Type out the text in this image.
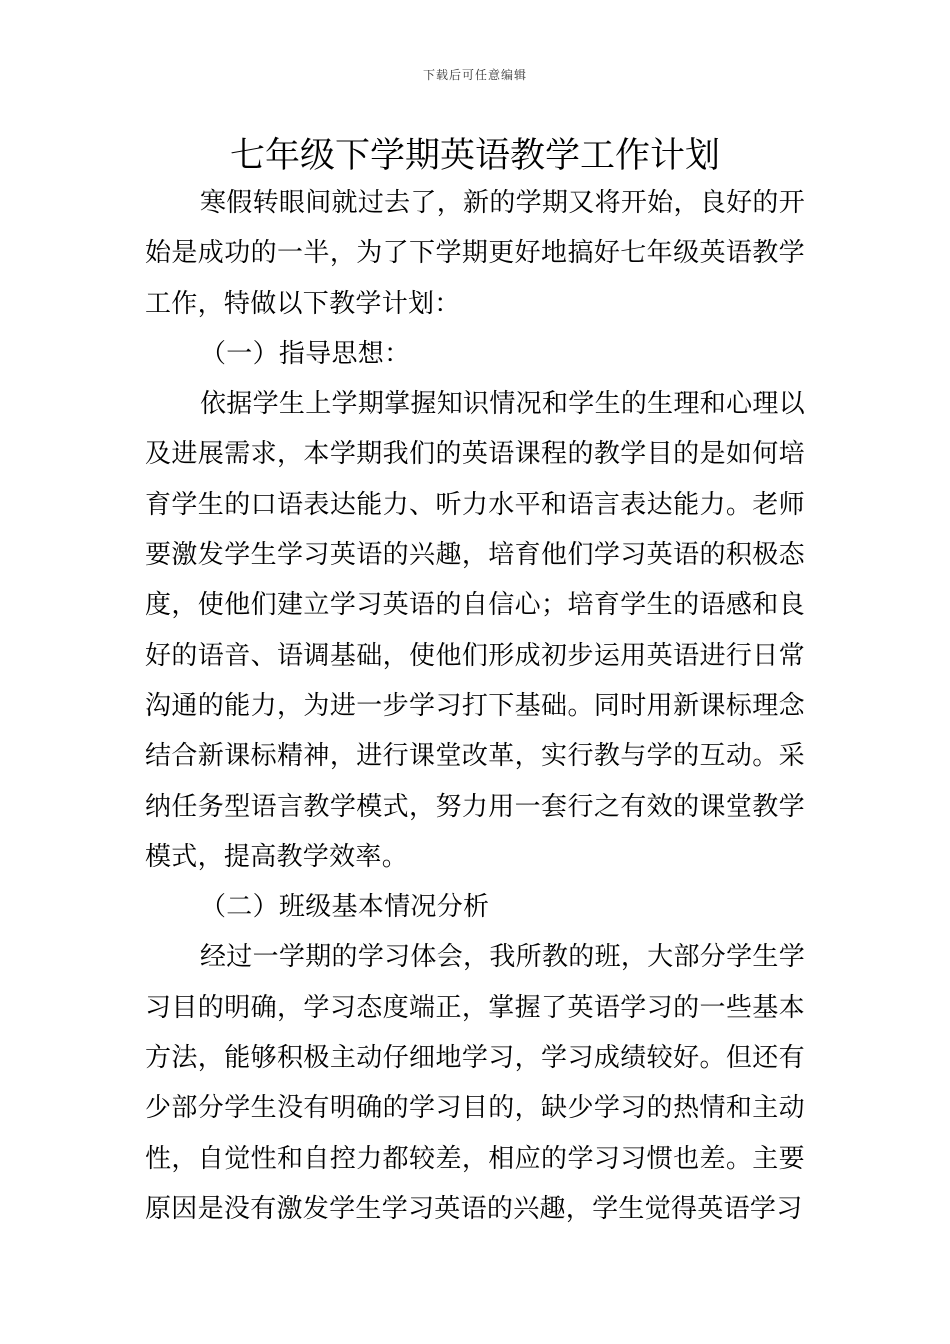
下载后可任意编辑
七年级下学期英语教学工作计划

寒假转眼间就过去了，新的学期又将开始，良好的开始是成功的一半，为了下学期更好地搞好七年级英语教学工作，特做以下教学计划：

（一）指导思想：

依据学生上学期掌握知识情况和学生的生理和心理以及进展需求，本学期我们的英语课程的教学目的是如何培育学生的口语表达能力、听力水平和语言表达能力。老师要激发学生学习英语的兴趣，培育他们学习英语的积极态度，使他们建立学习英语的自信心；培育学生的语感和良好的语音、语调基础，使他们形成初步运用英语进行日常沟通的能力，为进一步学习打下基础。同时用新课标理念结合新课标精神，进行课堂改革，实行教与学的互动。采纳任务型语言教学模式，努力用一套行之有效的课堂教学模式，提高教学效率。

（二）班级基本情况分析

经过一学期的学习体会，我所教的班，大部分学生学习目的明确，学习态度端正，掌握了英语学习的一些基本方法，能够积极主动仔细地学习，学习成绩较好。但还有少部分学生没有明确的学习目的，缺少学习的热情和主动性，自觉性和自控力都较差，相应的学习习惯也差。主要原因是没有激发学生学习英语的兴趣，学生觉得英语学习
